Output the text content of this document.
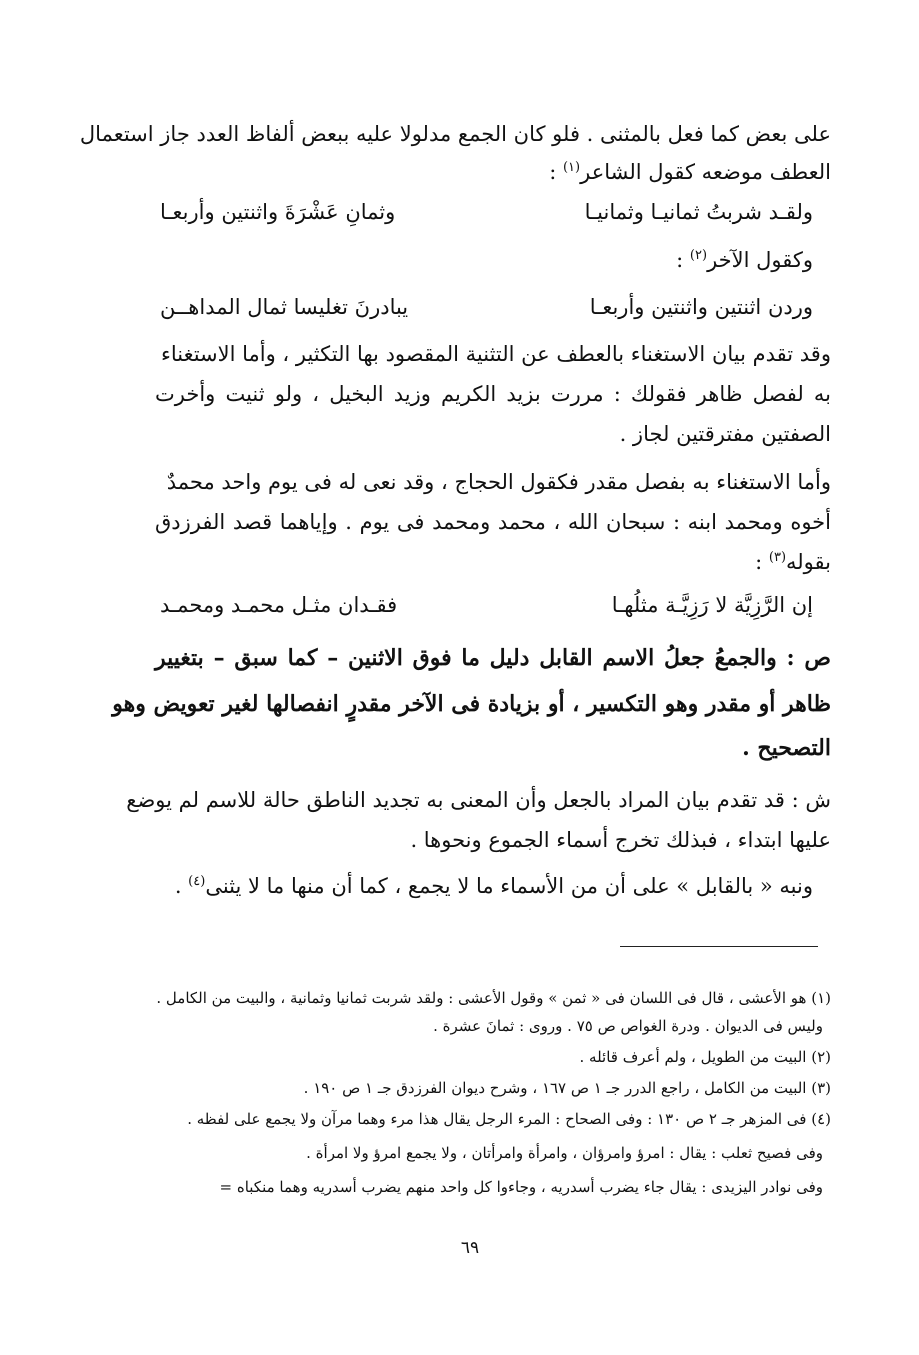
على بعض كما فعل بالمثنى . فلو كان الجمع مدلولا عليه ببعض ألفاظ العدد جاز استعمال
العطف موضعه كقول الشاعر$^{(١)}$ :
ولقـد شربتُ ثمانيـا وثمانيـا
وثمانِ عَشْرَةَ واثنتين وأربعـا
وكقول الآخر$^{(٢)}$ :
وردن اثنتين واثنتين وأربعـا
يبادرنَ تغليسا ثمال المداهــن
وقد تقدم بيان الاستغناء بالعطف عن التثنية المقصود بها التكثير ، وأما الاستغناء
به لفصل ظاهر فقولك : مررت بزيد الكريم وزيد البخيل ، ولو ثنيت وأخرت
الصفتين مفترقتين لجاز .
وأما الاستغناء به بفصل مقدر فكقول الحجاج ، وقد نعى له فى يوم واحد محمدٌ
أخوه ومحمد ابنه : سبحان الله ، محمد ومحمد فى يوم . وإياهما قصد الفرزدق
بقوله$^{(٣)}$ :
إن الرَّزِيَّة لا رَزِيَّـة مثلُهـا
فقـدان مثـل محمـد ومحمـد
ص : والجمعُ جعلُ الاسم القابل دليل ما فوق الاثنين – كما سبق – بتغيير
ظاهر أو مقدر وهو التكسير ، أو بزيادة فى الآخر مقدرٍ انفصالها لغير تعويض وهو
التصحيح .
ش : قد تقدم بيان المراد بالجعل وأن المعنى به تجديد الناطق حالة للاسم لم يوضع
عليها ابتداء ، فبذلك تخرج أسماء الجموع ونحوها .
ونبه « بالقابل » على أن من الأسماء ما لا يجمع ، كما أن منها ما لا يثنى$^{(٤)}$ .
(١) هو الأعشى ، قال فى اللسان فى « ثمن » وقول الأعشى : ولقد شربت ثمانيا وثمانية ، والبيت من الكامل .
وليس فى الديوان . ودرة الغواص ص ٧٥ . وروى : ثمانَ عشرة .
(٢) البيت من الطويل ، ولم أعرف قائله .
(٣) البيت من الكامل ، راجع الدرر جـ ١ ص ١٦٧ ، وشرح ديوان الفرزدق جـ ١ ص ١٩٠ .
(٤) فى المزهر جـ ٢ ص ١٣٠ : وفى الصحاح : المرء الرجل يقال هذا مرء وهما مرآن ولا يجمع على لفظه .
وفى فصيح ثعلب : يقال : امرؤ وامرؤان ، وامرأة وامرأتان ، ولا يجمع امرؤ ولا امرأة .
وفى نوادر اليزيدى : يقال جاء يضرب أسدريه ، وجاءوا كل واحد منهم يضرب أسدريه وهما منكباه =
٦٩
